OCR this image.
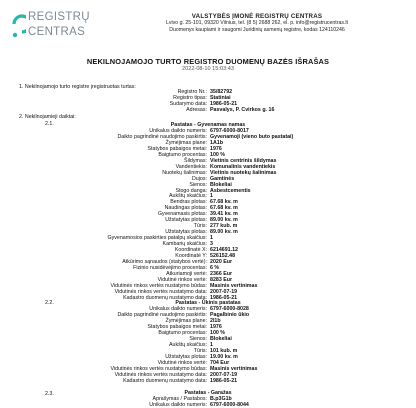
REGISTRŲ
CENTRAS
VALSTYBĖS ĮMONĖ REGISTRŲ CENTRAS
Lvivo g. 25-101, 09320 Vilnius, tel. (8 5) 2688 262, el. p. info@registrucentras.lt
Duomenys kaupiami ir saugomi Juridinių asmenų registre, kodas 124110246
NEKILNOJAMOJO TURTO REGISTRO DUOMENŲ BAZĖS IŠRAŠAS
2022-08-10 15:03:43
1. Nekilnojamojo turto registre įregistruotas turtas:
Registro Nr.: 35/82792
Registro tipas: Statiniai
Sudarymo data: 1986-05-21
Adresas: Pasvalys, P. Cvirkos g. 16
2. Nekilnojamieji daiktai:
2.1.	Pastatas - Gyvenamas namas
Unikalus daikto numeris: 6797-6000-8017
Daikto pagrindinė naudojimo paskirtis: Gyvenamoji (vieno buto pastatai)
Žymėjimas plane: 1A1b
Statybos pabaigos metai: 1976
Baigtumo procentas: 100 %
Šildymas: Vietinis centrinis šildymas
Vandentiekis: Komunalinis vandentiekis
Nuotekų šalinimas: Vietinis nuotekų šalinimas
Dujos: Gamtinės
Sienos: Blokeliai
Stogo danga: Asbestcementis
Aukštų skaičius: 1
Bendras plotas: 67.68 kv. m
Naudingas plotas: 67.68 kv. m
Gyvenamasis plotas: 39.41 kv. m
Užstatytas plotas: 89.00 kv. m
Tūris: 277 kub. m
Užstatytas plotas: 89.00 kv. m
Gyvenamosios paskirties patalpų skaičius: 1
Kambarių skaičius: 3
Koordinatė X: 6214691.12
Koordinatė Y: 526152.48
Atkūrimo sąnaudos (statybos vertė): 2020 Eur
Fizinio nusidėvėjimo procentas: 6 %
Atkuriamoji vertė: 2366 Eur
Vidutinė rinkos vertė: 8283 Eur
Vidutinės rinkos vertės nustatymo būdas: Masinis vertinimas
Vidutinės rinkos vertės nustatymo data: 2007-07-19
Kadastro duomenų nustatymo data: 1986-05-21
2.2.	Pastatas - Ūkinis pastatas
Unikalus daikto numeris: 6797-6000-8028
Daikto pagrindinė naudojimo paskirtis: Pagalbinio ūkio
Žymėjimas plane: 2I1b
Statybos pabaigos metai: 1976
Baigtumo procentas: 100 %
Sienos: Blokeliai
Aukštų skaičius: 1
Tūris: 101 kub. m
Užstatytas plotas: 19.00 kv. m
Vidutinė rinkos vertė: 704 Eur
Vidutinės rinkos vertės nustatymo būdas: Masinis vertinimas
Vidutinės rinkos vertės nustatymo data: 2007-07-19
Kadastro duomenų nustatymo data: 1986-05-21
2.3.	Pastatas - Garažas
Aprašymas / Pastabos: B.p3G1b
Unikalus daikto numeris: 6797-6000-8044
